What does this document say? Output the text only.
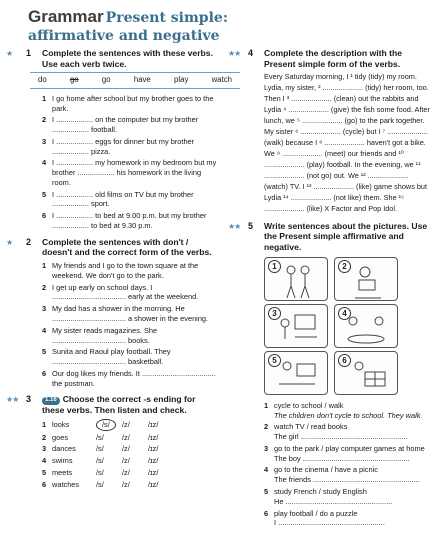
Grammar Present simple:
affirmative and negative
★ 1 Complete the sentences with these verbs. Use each verb twice.
do	go	go	have	play	watch
1 I go home after school but my brother goes to the park.
2 I .................. on the computer but my brother .................. football.
3 I .................. eggs for dinner but my brother .................. pizza.
4 I .................. my homework in my bedroom but my brother .................. his homework in the living room.
5 I .................. old films on TV but my brother .................. sport.
6 I .................. to bed at 9.00 p.m. but my brother .................. to bed at 9.30 p.m.
★ 2 Complete the sentences with don't / doesn't and the correct form of the verbs.
1 My friends and I go to the town square at the weekend. We don't go to the park.
2 I get up early on school days. I .................................... early at the weekend.
3 My dad has a shower in the morning. He .................................... a shower in the evening.
4 My sister reads magazines. She .................................... books.
5 Sunita and Raoul play football. They .................................... basketball.
6 Our dog likes my friends. It .................................... the postman.
★★ 3	1.16 Choose the correct -s ending for these verbs. Then listen and check.
1 looks	/s/	/z/	/ɪz/
2 goes	/s/	/z/	/ɪz/
3 dances	/s/	/z/	/ɪz/
4 swims	/s/	/z/	/ɪz/
5 meets	/s/	/z/	/ɪz/
6 watches	/s/	/z/	/ɪz/
★★ 4 Complete the description with the Present simple form of the verbs.
Every Saturday morning, I ¹ tidy (tidy) my room. Lydia, my sister, ² .................... (tidy) her room, too. Then I ³ .................... (clean) out the rabbits and Lydia ⁴ .................... (give) the fish some food. After lunch, we ⁵ .................... (go) to the park together. My sister ⁶ .................... (cycle) but I ⁷ .................... (walk) because I ⁸ .................... haven't got a bike. We ⁹ .................... (meet) our friends and ¹⁰ .................... (play) football. In the evening, we ¹¹ .................... (not go) out. We ¹² .................... (watch) TV. I ¹³ .................... (like) game shows but Lydia ¹⁴ .................... (not like) them. She ¹⁵ .................... (like) X Factor and Pop Idol.
★★ 5 Write sentences about the pictures. Use the Present simple affirmative and negative.
1	2
3	4
5	6
1 cycle to school / walk
The children don't cycle to school. They walk.
2 watch TV / read books
The girl ....................................................
3 go to the park / play computer games at home
The boy ....................................................
4 go to the cinema / have a picnic
The friends ....................................................
5 study French / study English
He ....................................................
6 play football / do a puzzle
I ....................................................
